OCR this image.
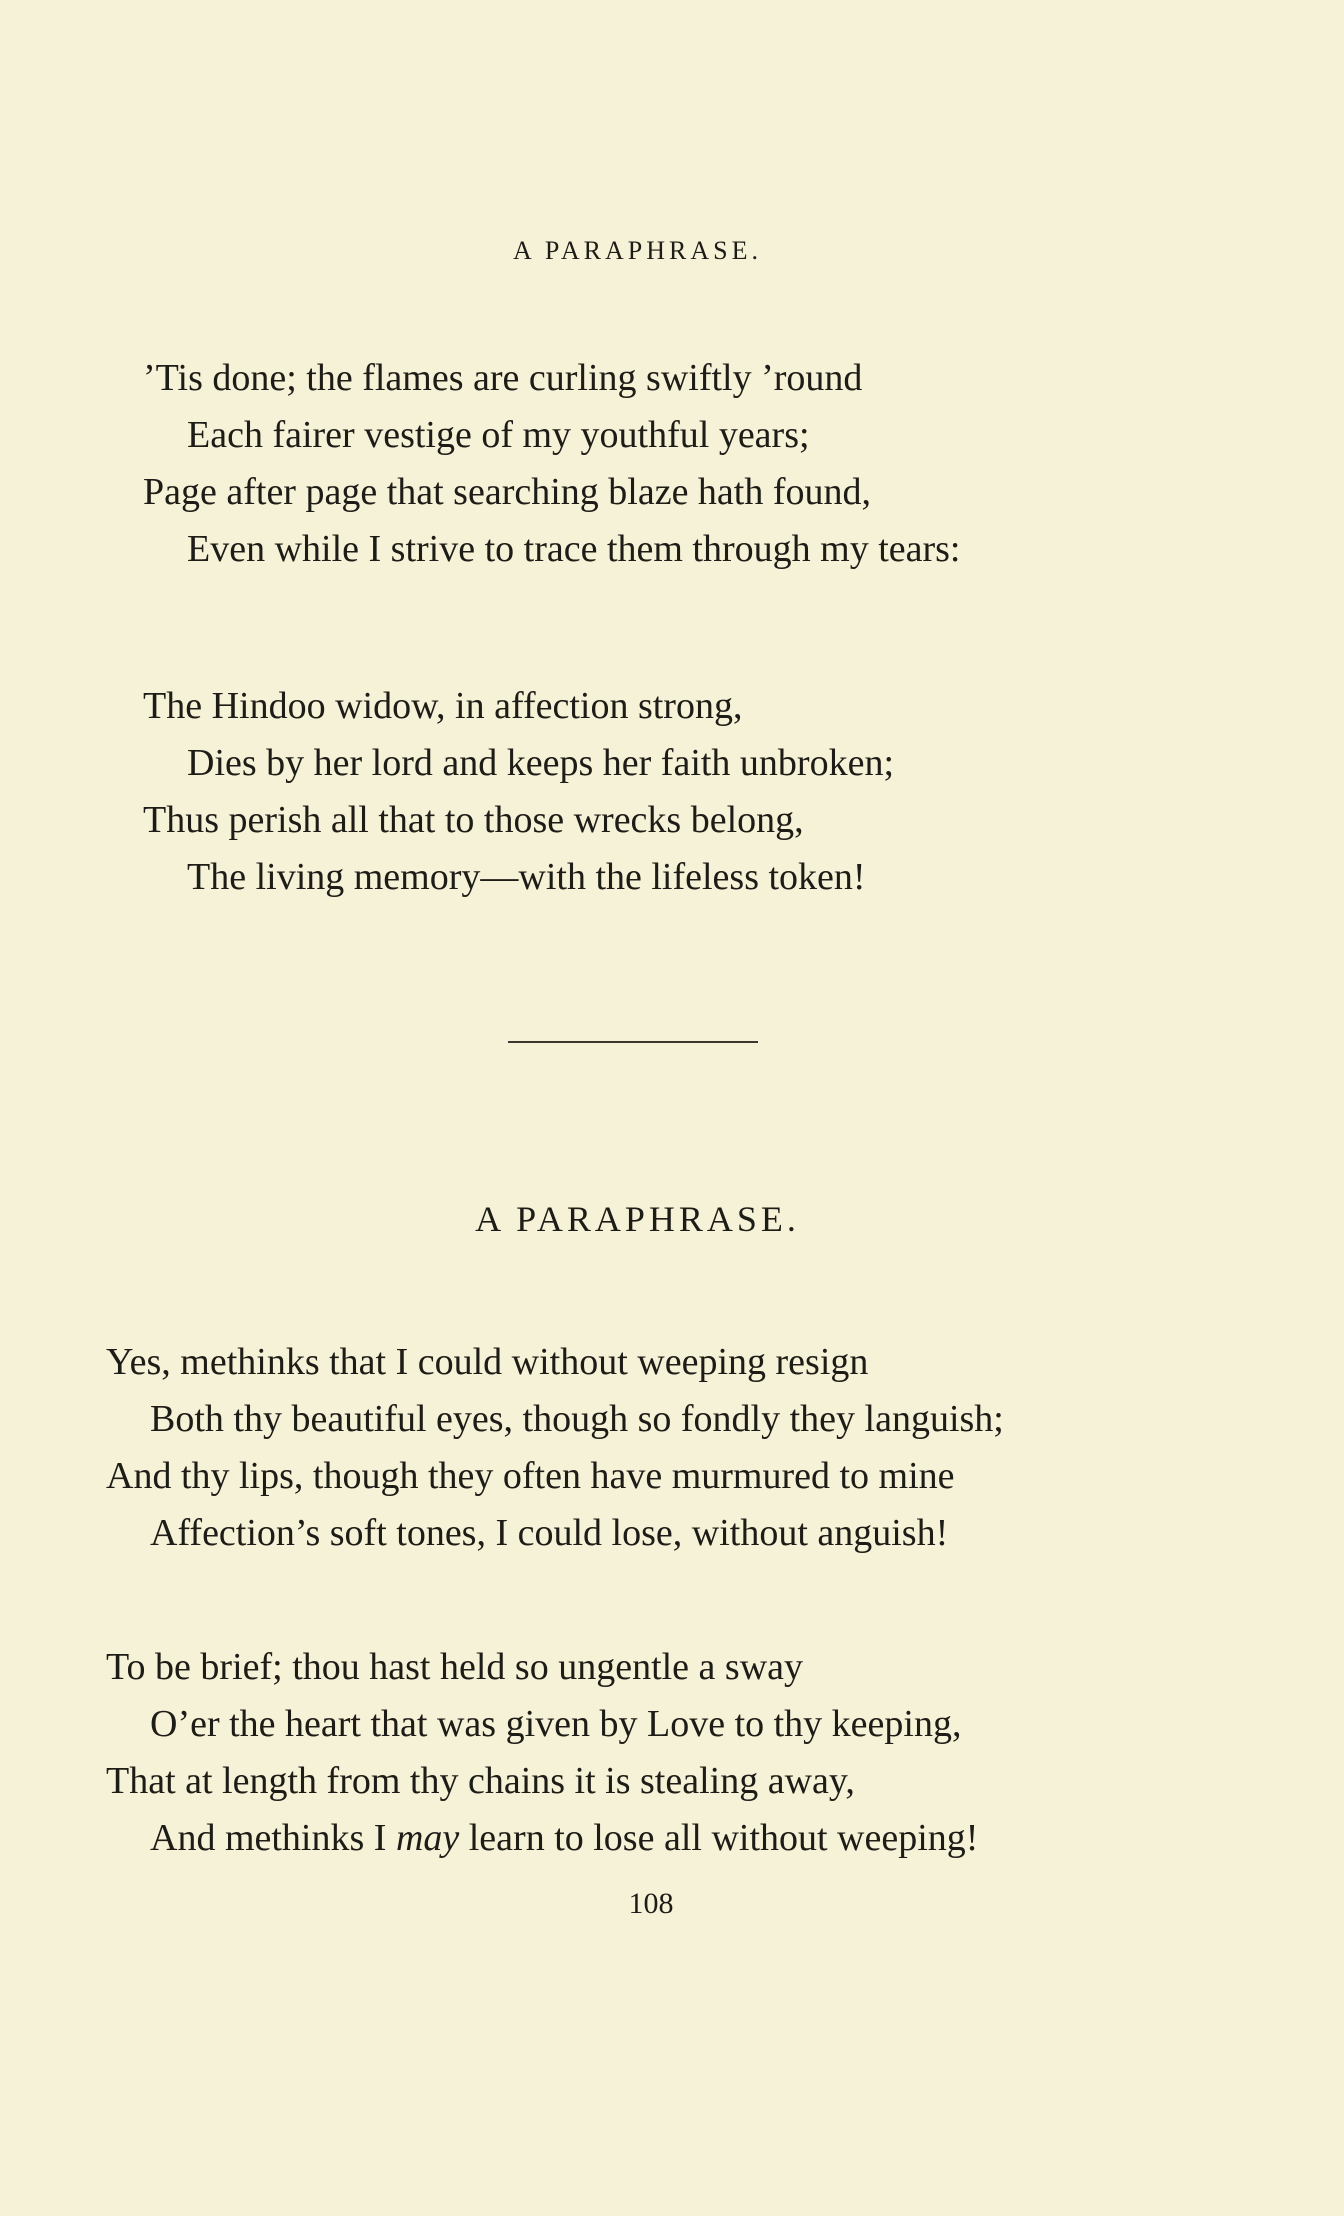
A PARAPHRASE.
’Tis done; the flames are curling swiftly ’round
Each fairer vestige of my youthful years;
Page after page that searching blaze hath found,
Even while I strive to trace them through my tears:
The Hindoo widow, in affection strong,
Dies by her lord and keeps her faith unbroken;
Thus perish all that to those wrecks belong,
The living memory—with the lifeless token!
A PARAPHRASE.
Yes, methinks that I could without weeping resign
Both thy beautiful eyes, though so fondly they languish;
And thy lips, though they often have murmured to mine
Affection’s soft tones, I could lose, without anguish!
To be brief; thou hast held so ungentle a sway
O’er the heart that was given by Love to thy keeping,
That at length from thy chains it is stealing away,
And methinks I may learn to lose all without weeping!
108
